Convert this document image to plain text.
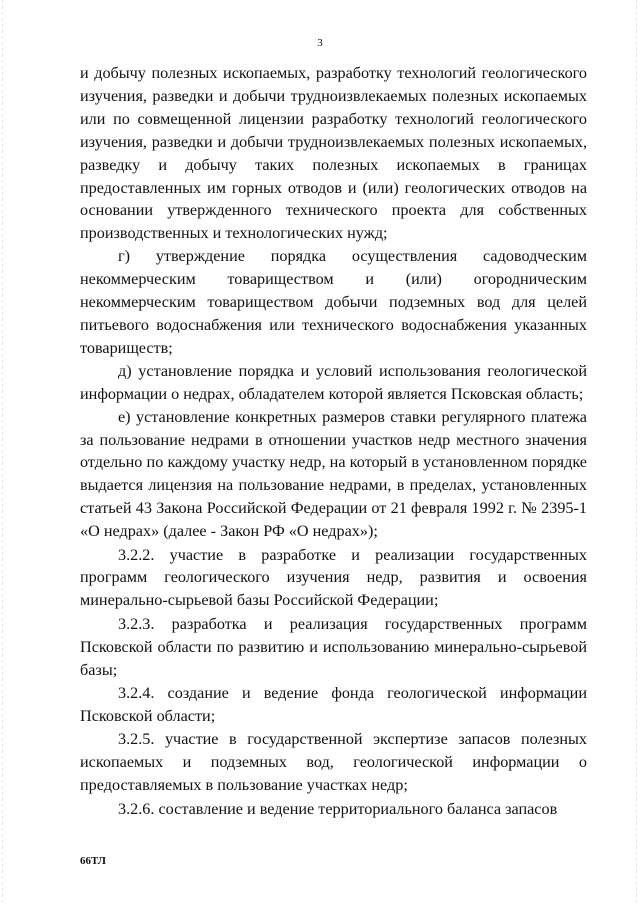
3

и добычу полезных ископаемых, разработку технологий геологического изучения, разведки и добычи трудноизвлекаемых полезных ископаемых или по совмещенной лицензии разработку технологий геологического изучения, разведки и добычи трудноизвлекаемых полезных ископаемых, разведку и добычу таких полезных ископаемых в границах предоставленных им горных отводов и (или) геологических отводов на основании утвержденного технического проекта для собственных производственных и технологических нужд;

г) утверждение порядка осуществления садоводческим некоммерческим товариществом и (или) огородническим некоммерческим товариществом добычи подземных вод для целей питьевого водоснабжения или технического водоснабжения указанных товариществ;

д) установление порядка и условий использования геологической информации о недрах, обладателем которой является Псковская область;

е) установление конкретных размеров ставки регулярного платежа за пользование недрами в отношении участков недр местного значения отдельно по каждому участку недр, на который в установленном порядке выдается лицензия на пользование недрами, в пределах, установленных статьей 43 Закона Российской Федерации от 21 февраля 1992 г. № 2395-1 «О недрах» (далее - Закон РФ «О недрах»);

3.2.2. участие в разработке и реализации государственных программ геологического изучения недр, развития и освоения минерально-сырьевой базы Российской Федерации;

3.2.3. разработка и реализация государственных программ Псковской области по развитию и использованию минерально-сырьевой базы;

3.2.4. создание и ведение фонда геологической информации Псковской области;

3.2.5. участие в государственной экспертизе запасов полезных ископаемых и подземных вод, геологической информации о предоставляемых в пользование участках недр;

3.2.6. составление и ведение территориального баланса запасов

66ТЛ
